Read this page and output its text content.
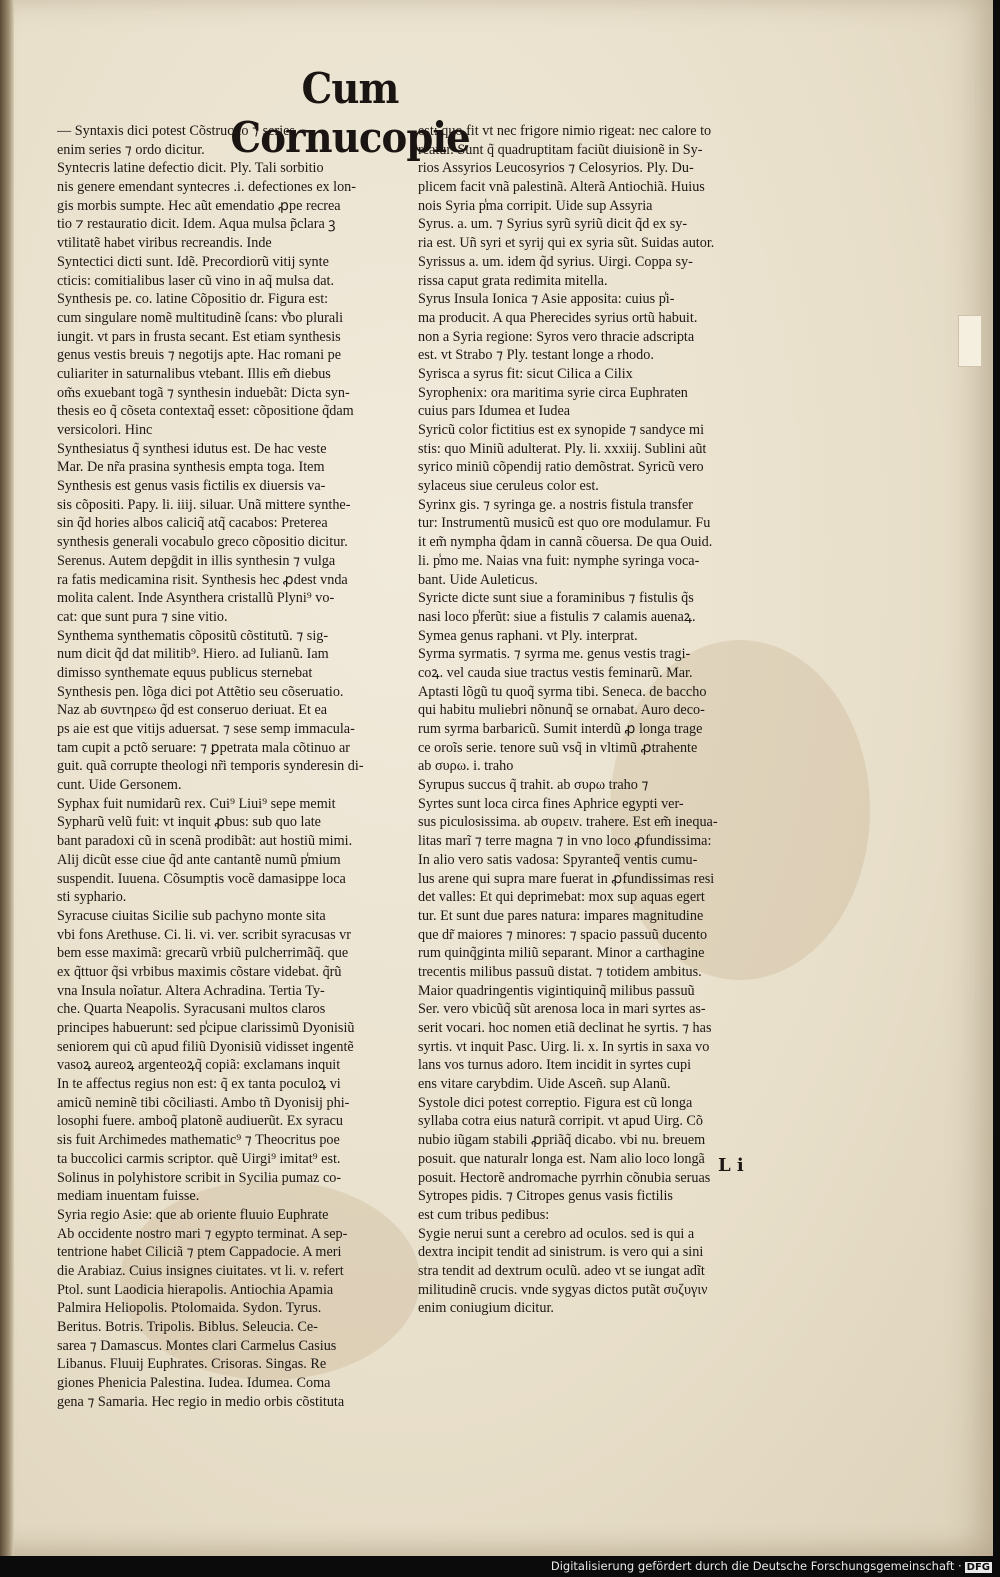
Cum Cornucopie
— Syntaxis dici potest Cõstructio ⁊ series
enim series ⁊ ordo dicitur.
Syntecris latine defectio dicit. Ply. Tali sorbitio
nis genere emendant syntecres .i. defectiones ex lon-
gis morbis sumpte. Hec aũt emendatio ꝓpe recrea
tio ⁊ restauratio dicit. Idem. Aqua mulsa p̃clara ꝫ
vtilitatẽ habet viribus recreandis. Inde
Syntectici dicti sunt. Idẽ. Precordiorũ vitij synte
cticis: comitialibus laser cũ vino in aq̃ mulsa dat.
Synthesis pe. co. latine Cõpositio dr. Figura est:
cum singulare nomẽ multitudinẽ ſcans: v̾bo plurali
iungit. vt pars in frusta secant. Est etiam synthesis
genus vestis breuis ⁊ negotijs apte. Hac romani pe
culiariter in saturnalibus vtebant. Illis em̃ diebus
om̃s exuebant togã ⁊ synthesin induebãt: Dicta syn-
thesis eo q̃ cõseta contextaq̃ esset: cõpositione q̃dam
versicolori. Hinc
Synthesiatus q̃ synthesi idutus est. De hac veste
Mar. De nr̃a prasina synthesis empta toga. Item
Synthesis est genus vasis fictilis ex diuersis va-
sis cõpositi. Papy. li. iiij. siluar. Unã mittere synthe-
sin q̃d hories albos caliciq̃ atq̃ cacabos: Preterea
synthesis generali vocabulo greco cõpositio dicitur.
Serenus. Autem depḡdit in illis synthesin ⁊ vulga
ra fatis medicamina risit. Synthesis hec ꝓdest vnda
molita calent. Inde Asynthera cristallũ Plyni⁹ vo-
cat: que sunt pura ⁊ sine vitio.
Synthema synthematis cõpositũ cõstitutũ. ⁊ sig-
num dicit q̃d dat militib⁹. Hiero. ad Iulianũ. Iam
dimisso synthemate equus publicus sternebat
Synthesis pen. lõga dici pot Attẽtio seu cõseruatio.
Naz ab ϭυντηρεω q̃d est conseruo deriuat. Et ea
ps aie est que vitijs aduersat. ⁊ sese semp immacula-
tam cupit a pctõ seruare: ⁊ ꝑpetrata mala cõtinuo ar
guit. quã corrupte theologi nr̃i temporis synderesin di-
cunt. Uide Gersonem.
Syphax fuit numidarũ rex. Cui⁹ Liui⁹ sepe memit
Sypharũ velũ fuit: vt inquit ꝓbus: sub quo late
bant paradoxi cũ in scenã prodibãt: aut hostiũ mimi.
Alij dicũt esse ciue q̃d ante cantantẽ numũ p̾mium
suspendit. Iuuena. Cõsumptis vocẽ damasippe loca
sti syphario.
Syracuse ciuitas Sicilie sub pachyno monte sita
vbi fons Arethuse. Ci. li. vi. ver. scribit syracusas vr
bem esse maximã: grecarũ vrbiũ pulcherrimãq̃. que
ex q̃ttuor q̃si vrbibus maximis cõstare videbat. q̃rũ
vna Insula noĩatur. Altera Achradina. Tertia Ty-
che. Quarta Neapolis. Syracusani multos claros
principes habuerunt: sed p̾cipue clarissimũ Dyonisiũ
seniorem qui cũ apud filiũ Dyonisiũ vidisset ingentẽ
vasoꝝ aureoꝝ argenteoꝝq̃ copiã: exclamans inquit
In te affectus regius non est: q̃ ex tanta poculoꝝ vi
amicũ neminẽ tibi cõciliasti. Ambo tñ Dyonisij phi-
losophi fuere. amboq̃ platonẽ audiuerũt. Ex syracu
sis fuit Archimedes mathematic⁹ ⁊ Theocritus poe
ta buccolici carmis scriptor. quẽ Uirgi⁹ imitat⁹ est.
Solinus in polyhistore scribit in Sycilia pumaz co-
mediam inuentam fuisse.
Syria regio Asie: que ab oriente fluuio Euphrate
Ab occidente nostro mari ⁊ egypto terminat. A sep-
tentrione habet Ciliciã ⁊ ptem Cappadocie. A meri
die Arabiaz. Cuius insignes ciuitates. vt li. v. refert
Ptol. sunt Laodicia hierapolis. Antiochia Apamia
Palmira Heliopolis. Ptolomaida. Sydon. Tyrus.
Beritus. Botris. Tripolis. Biblus. Seleucia. Ce-
sarea ⁊ Damascus. Montes clari Carmelus Casius
Libanus. Fluuij Euphrates. Crisoras. Singas. Re
giones Phenicia Palestina. Iudea. Idumea. Coma
gena ⁊ Samaria. Hec regio in medio orbis cõstituta
est: quo fit vt nec frigore nimio rigeat: nec calore to
reatur. Sunt q̃ quadruptitam faciũt diuisionẽ in Sy-
rios Assyrios Leucosyrios ⁊ Celosyrios. Ply. Du-
plicem facit vnã palestinã. Alterã Antiochiã. Huius
nois Syria p̾ma corripit. Uide sup Assyria
Syrus. a. um. ⁊ Syrius syrũ syriũ dicit q̃d ex sy-
ria est. Uñ syri et syrij qui ex syria sũt. Suidas autor.
Syrissus a. um. idem q̃d syrius. Uirgi. Coppa sy-
rissa caput grata redimita mitella.
Syrus Insula Ionica ⁊ Asie apposita: cuius p̾i-
ma producit. A qua Pherecides syrius ortũ habuit.
non a Syria regione: Syros vero thracie adscripta
est. vt Strabo ⁊ Ply. testant longe a rhodo.
Syrisca a syrus fit: sicut Cilica a Cilix
Syrophenix: ora maritima syrie circa Euphraten
cuius pars Idumea et Iudea
Syricũ color fictitius est ex synopide ⁊ sandyce mi
stis: quo Miniũ adulterat. Ply. li. xxxiij. Sublini aũt
syrico miniũ cõpendij ratio demõstrat. Syricũ vero
sylaceus siue ceruleus color est.
Syrinx gis. ⁊ syringa ge. a nostris fistula transfer
tur: Instrumentũ musicũ est quo ore modulamur. Fu
it em̃ nympha q̃dam in cannã cõuersa. De qua Ouid.
li. p̾mo me. Naias vna fuit: nymphe syringa voca-
bant. Uide Auleticus.
Syricte dicte sunt siue a foraminibus ⁊ fistulis q̃s
nasi loco p̾ferũt: siue a fistulis ⁊ calamis auenaꝝ.
Symea genus raphani. vt Ply. interprat.
Syrma syrmatis. ⁊ syrma me. genus vestis tragi-
coꝝ. vel cauda siue tractus vestis feminarũ. Mar.
Aptasti lõgũ tu quoq̃ syrma tibi. Seneca. de baccho
qui habitu muliebri nõnunq̃ se ornabat. Auro deco-
rum syrma barbaricũ. Sumit interdũ ꝓ longa trage
ce oroĩs serie. tenore suũ vsq̃ in vltimũ ꝓtrahente
ab συρω. i. traho
Syrupus succus q̃ trahit. ab συρω traho ⁊
Syrtes sunt loca circa fines Aphrice egypti ver-
sus piculosissima. ab συρειν. trahere. Est em̃ inequa-
litas marĩ ⁊ terre magna ⁊ in vno loco ꝓfundissima:
In alio vero satis vadosa: Spyranteq̃ ventis cumu-
lus arene qui supra mare fuerat in ꝓfundissimas resi
det valles: Et qui deprimebat: mox sup aquas egert
tur. Et sunt due pares natura: impares magnitudine
que dr̃ maiores ⁊ minores: ⁊ spacio passuũ ducento
rum quinq̃ginta miliũ separant. Minor a carthagine
trecentis milibus passuũ distat. ⁊ totidem ambitus.
Maior quadringentis vigintiquinq̃ milibus passuũ
Ser. vero vbicũq̃ sũt arenosa loca in mari syrtes as-
serit vocari. hoc nomen etiã declinat he syrtis. ⁊ has
syrtis. vt inquit Pasc. Uirg. li. x. In syrtis in saxa vo
lans vos turnus adoro. Item incidit in syrtes cupi
ens vitare carybdim. Uide Asceñ. sup Alanũ.
Systole dici potest correptio. Figura est cũ longa
syllaba cotra eius naturã corripit. vt apud Uirg. Cõ
nubio iũgam stabili ꝓpriãq̃ dicabo. vbi nu. breuem
posuit. que naturalr longa est. Nam alio loco longã
posuit. Hectorẽ andromache pyrrhin cõnubia seruas
Sytropes pidis. ⁊ Citropes genus vasis fictilis
est cum tribus pedibus:
Sygie nerui sunt a cerebro ad oculos. sed is qui a
dextra incipit tendit ad sinistrum. is vero qui a sini
stra tendit ad dextrum oculũ. adeo vt se iungat adĩt
militudinẽ crucis. vnde sygyas dictos putãt συζυγιν
enim coniugium dicitur.
L i
Digitalisierung gefördert durch die Deutsche Forschungsgemeinschaft · DFG
